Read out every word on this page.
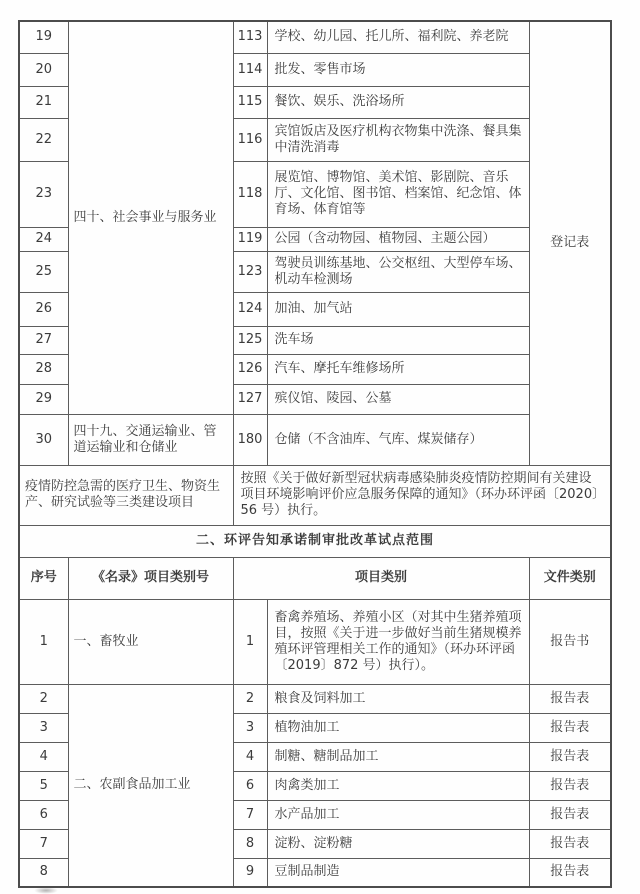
19	四十、社会事业与服务业	113	学校、幼儿园、托儿所、福利院、养老院	登记表
20		114	批发、零售市场	
21		115	餐饮、娱乐、洗浴场所	
22		116	宾馆饭店及医疗机构衣物集中洗涤、餐具集中清洗消毒	
23		118	展览馆、博物馆、美术馆、影剧院、音乐厅、文化馆、图书馆、档案馆、纪念馆、体育场、体育馆等	
24		119	公园（含动物园、植物园、主题公园）	
25		123	驾驶员训练基地、公交枢纽、大型停车场、机动车检测场	
26		124	加油、加气站	
27		125	洗车场	
28		126	汽车、摩托车维修场所	
29		127	殡仪馆、陵园、公墓	
30	四十九、交通运输业、管道运输业和仓储业	180	仓储（不含油库、气库、煤炭储存）	
疫情防控急需的医疗卫生、物资生产、研究试验等三类建设项目		按照《关于做好新型冠状病毒感染肺炎疫情防控期间有关建设项目环境影响评价应急服务保障的通知》（环办环评函〔2020〕56 号）执行。		
二、环评告知承诺制审批改革试点范围				
序号	《名录》项目类别号	项目类别		文件类别
1	一、畜牧业	1	畜禽养殖场、养殖小区（对其中生猪养殖项目，按照《关于进一步做好当前生猪规模养殖环评管理相关工作的通知》（环办环评函〔2019〕872 号）执行）。	报告书
2	二、农副食品加工业	2	粮食及饲料加工	报告表
3		3	植物油加工	报告表
4		4	制糖、糖制品加工	报告表
5		6	肉禽类加工	报告表
6		7	水产品加工	报告表
7		8	淀粉、淀粉糖	报告表
8		9	豆制品制造	报告表
